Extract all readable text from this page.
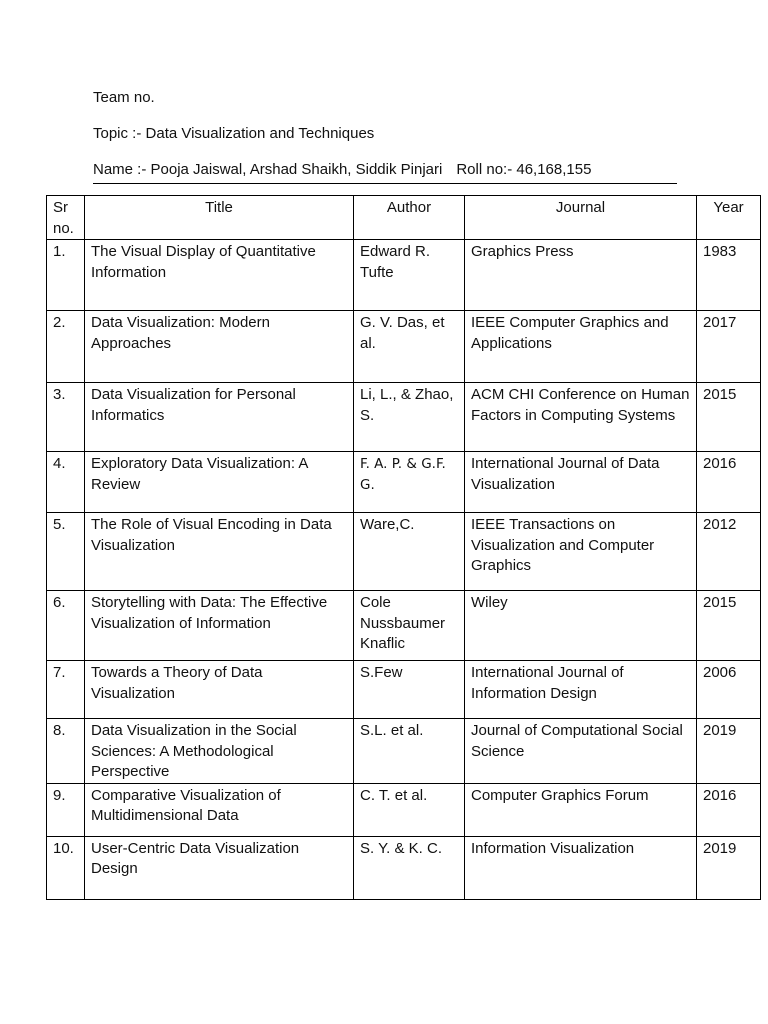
Team no.
Topic :- Data Visualization and Techniques
Name :- Pooja Jaiswal, Arshad Shaikh, Siddik Pinjari Roll no:- 46,168,155
Sr no.	Title	Author	Journal	Year
1.	The Visual Display of Quantitative Information	Edward R. Tufte	Graphics Press	1983
2.	Data Visualization: Modern Approaches	G. V. Das, et al.	IEEE Computer Graphics and Applications	2017
3.	Data Visualization for Personal Informatics	Li, L., & Zhao, S.	ACM CHI Conference on Human Factors in Computing Systems	2015
4.	Exploratory Data Visualization: A Review	F. A. P. & G.F. G.	International Journal of Data Visualization	2016
5.	The Role of Visual Encoding in Data Visualization	Ware,C.	IEEE Transactions on Visualization and Computer Graphics	2012
6.	Storytelling with Data: The Effective Visualization of Information	Cole Nussbaumer Knaflic	Wiley	2015
7.	Towards a Theory of Data Visualization	S.Few	International Journal of Information Design	2006
8.	Data Visualization in the Social Sciences: A Methodological Perspective	S.L. et al.	Journal of Computational Social Science	2019
9.	Comparative Visualization of Multidimensional Data	C. T. et al.	Computer Graphics Forum	2016
10.	User-Centric Data Visualization Design	S. Y. & K. C.	Information Visualization	2019
